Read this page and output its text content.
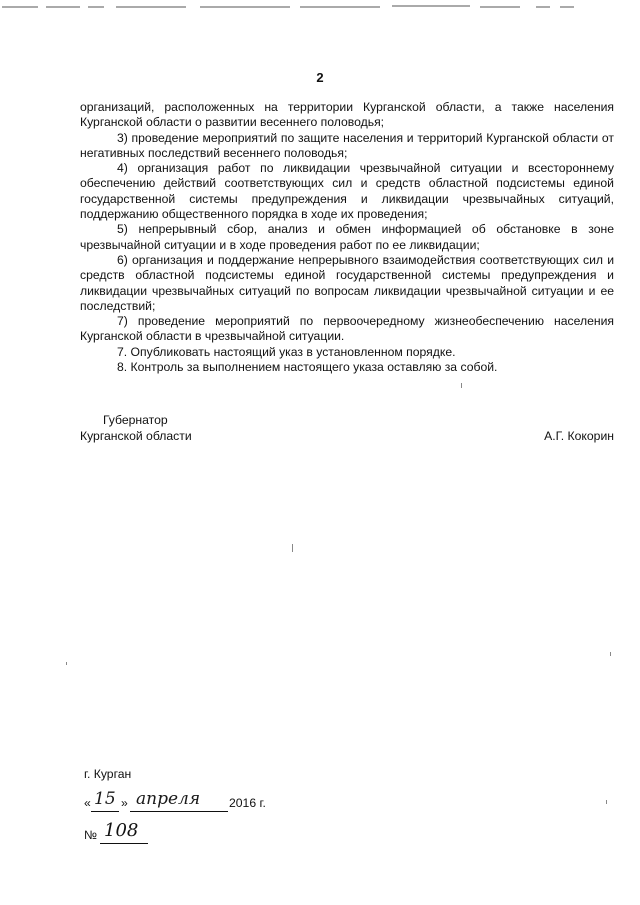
2

организаций, расположенных на территории Курганской области, а также населения Курганской области о развитии весеннего половодья;

3) проведение мероприятий по защите населения и территорий Курганской области от негативных последствий весеннего половодья;

4) организация работ по ликвидации чрезвычайной ситуации и всестороннему обеспечению действий соответствующих сил и средств областной подсистемы единой государственной системы предупреждения и ликвидации чрезвычайных ситуаций, поддержанию общественного порядка в ходе их проведения;

5) непрерывный сбор, анализ и обмен информацией об обстановке в зоне чрезвычайной ситуации и в ходе проведения работ по ее ликвидации;

6) организация и поддержание непрерывного взаимодействия соответствующих сил и средств областной подсистемы единой государственной системы предупреждения и ликвидации чрезвычайных ситуаций по вопросам ликвидации чрезвычайной ситуации и ее последствий;

7) проведение мероприятий по первоочередному жизнеобеспечению населения Курганской области в чрезвычайной ситуации.

7. Опубликовать настоящий указ в установленном порядке.

8. Контроль за выполнением настоящего указа оставляю за собой.

Губернатор
Курганской области	А.Г. Кокорин
г. Курган
« 15 » апреля 2016 г.
№ 108
